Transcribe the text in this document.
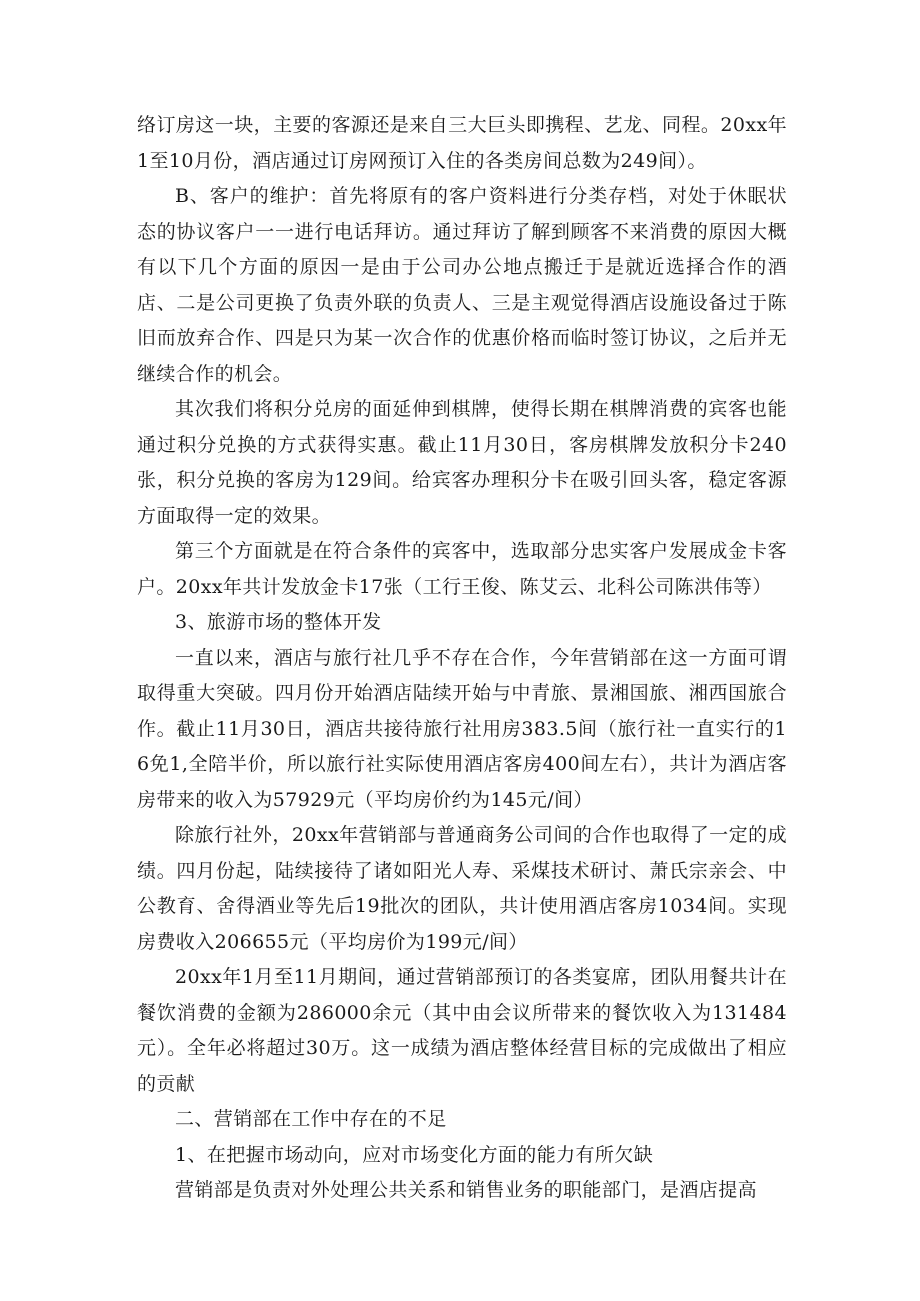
络订房这一块，主要的客源还是来自三大巨头即携程、艺龙、同程。20xx年1至10月份，酒店通过订房网预订入住的各类房间总数为249间）。

B、客户的维护：首先将原有的客户资料进行分类存档，对处于休眠状态的协议客户一一进行电话拜访。通过拜访了解到顾客不来消费的原因大概有以下几个方面的原因一是由于公司办公地点搬迁于是就近选择合作的酒店、二是公司更换了负责外联的负责人、三是主观觉得酒店设施设备过于陈旧而放弃合作、四是只为某一次合作的优惠价格而临时签订协议，之后并无继续合作的机会。

其次我们将积分兑房的面延伸到棋牌，使得长期在棋牌消费的宾客也能通过积分兑换的方式获得实惠。截止11月30日，客房棋牌发放积分卡240张，积分兑换的客房为129间。给宾客办理积分卡在吸引回头客，稳定客源方面取得一定的效果。

第三个方面就是在符合条件的宾客中，选取部分忠实客户发展成金卡客户。20xx年共计发放金卡17张（工行王俊、陈艾云、北科公司陈洪伟等）

3、旅游市场的整体开发

一直以来，酒店与旅行社几乎不存在合作，今年营销部在这一方面可谓取得重大突破。四月份开始酒店陆续开始与中青旅、景湘国旅、湘西国旅合作。截止11月30日，酒店共接待旅行社用房383.5间（旅行社一直实行的16免1,全陪半价，所以旅行社实际使用酒店客房400间左右），共计为酒店客房带来的收入为57929元（平均房价约为145元/间）

除旅行社外，20xx年营销部与普通商务公司间的合作也取得了一定的成绩。四月份起，陆续接待了诸如阳光人寿、采煤技术研讨、萧氏宗亲会、中公教育、舍得酒业等先后19批次的团队，共计使用酒店客房1034间。实现房费收入206655元（平均房价为199元/间）

20xx年1月至11月期间，通过营销部预订的各类宴席，团队用餐共计在餐饮消费的金额为286000余元（其中由会议所带来的餐饮收入为131484元）。全年必将超过30万。这一成绩为酒店整体经营目标的完成做出了相应的贡献

二、营销部在工作中存在的不足

1、在把握市场动向，应对市场变化方面的能力有所欠缺

营销部是负责对外处理公共关系和销售业务的职能部门，是酒店提高
